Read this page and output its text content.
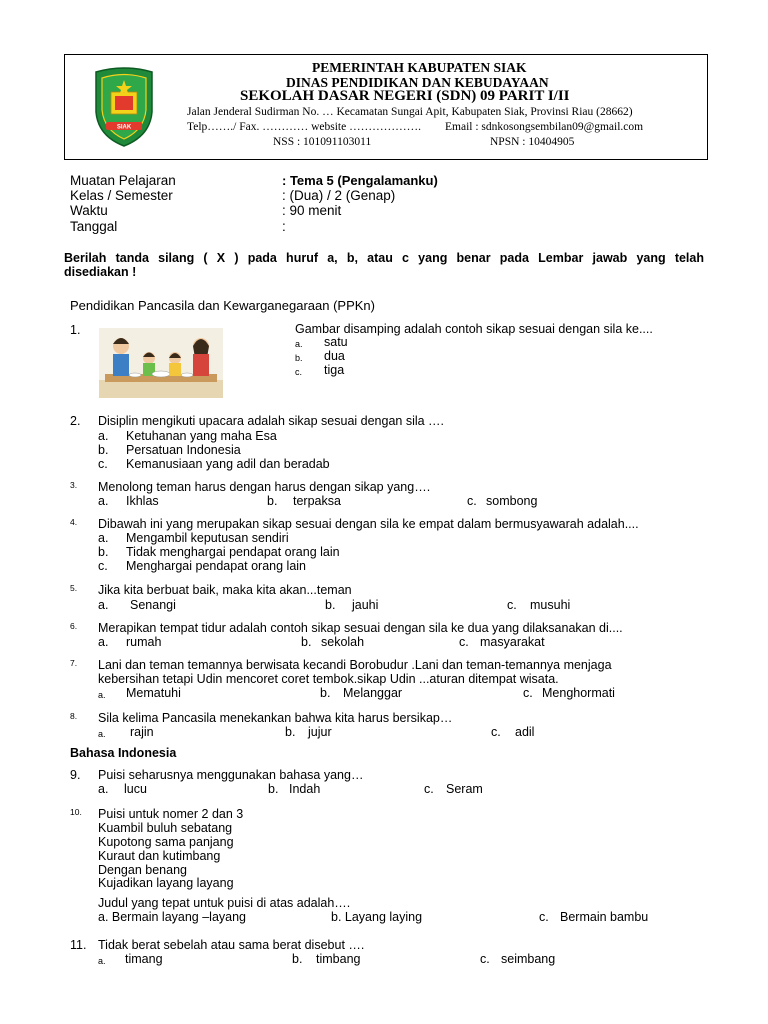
SIAK
PEMERINTAH KABUPATEN SIAK
DINAS PENDIDIKAN DAN KEBUDAYAAN
SEKOLAH DASAR NEGERI (SDN) 09 PARIT I/II
Jalan Jenderal Sudirman No. … Kecamatan Sungai Apit, Kabupaten Siak, Provinsi Riau (28662)
Telp……./ Fax. ………… website ………………. Email : sdnkosongsembilan09@gmail.com
NSS : 101091103011	NPSN : 10404905
Muatan Pelajaran	: Tema 5 (Pengalamanku)
Kelas / Semester	: (Dua) / 2 (Genap)
Waktu	: 90 menit
Tanggal	:
Berilah tanda silang ( X ) pada huruf a, b, atau c yang benar pada Lembar jawab yang telah
disediakan !
Pendidikan Pancasila dan Kewarganegaraan (PPKn)
1.	Gambar disamping adalah contoh sikap sesuai dengan sila ke....
a. satu
b. dua
c. tiga
2. Disiplin mengikuti upacara adalah sikap sesuai dengan sila ….
a. Ketuhanan yang maha Esa
b. Persatuan Indonesia
c. Kemanusiaan yang adil dan beradab
3. Menolong teman harus dengan harus dengan sikap yang….
a. Ikhlas	b. terpaksa	c. sombong
4. Dibawah ini yang merupakan sikap sesuai dengan sila ke empat dalam bermusyawarah adalah....
a. Mengambil keputusan sendiri
b. Tidak menghargai pendapat orang lain
c. Menghargai pendapat orang lain
5. Jika kita berbuat baik, maka kita akan...teman
a. Senangi	b. jauhi	c. musuhi
6. Merapikan tempat tidur adalah contoh sikap sesuai dengan sila ke dua yang dilaksanakan di....
a. rumah	b. sekolah	c. masyarakat
7. Lani dan teman temannya berwisata kecandi Borobudur .Lani dan teman-temannya menjaga
kebersihan tetapi Udin mencoret coret tembok.sikap Udin ...aturan ditempat wisata.
a. Mematuhi	b. Melanggar	c. Menghormati
8. Sila kelima Pancasila menekankan bahwa kita harus bersikap…
a. rajin	b. jujur	c. adil
Bahasa Indonesia
9. Puisi seharusnya menggunakan bahasa yang…
a. lucu	b. Indah	c. Seram
10. Puisi untuk nomer 2 dan 3
Kuambil buluh sebatang
Kupotong sama panjang
Kuraut dan kutimbang
Dengan benang
Kujadikan layang layang
Judul yang tepat untuk puisi di atas adalah….
a. Bermain layang –layang	b. Layang laying	c. Bermain bambu
11. Tidak berat sebelah atau sama berat disebut ….
a. timang	b. timbang	c. seimbang
